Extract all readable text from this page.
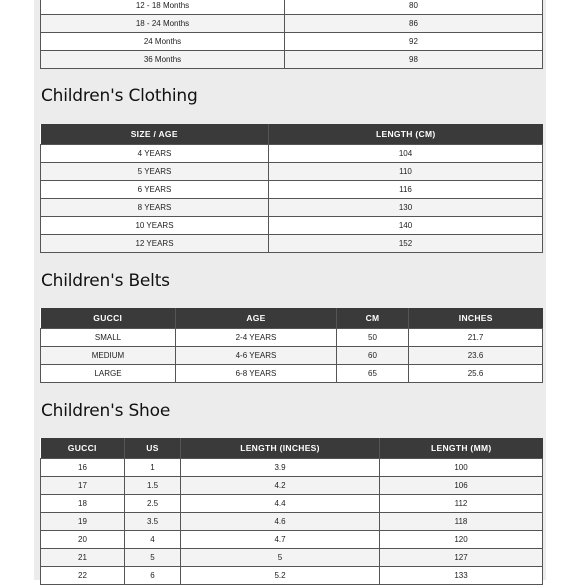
12 - 18 Months	80
18 - 24 Months	86
24 Months	92
36 Months	98
Children's Clothing
SIZE / AGE	LENGTH (CM)
4 YEARS	104
5 YEARS	110
6 YEARS	116
8 YEARS	130
10 YEARS	140
12 YEARS	152
Children's Belts
GUCCI	AGE	CM	INCHES
SMALL	2-4 YEARS	50	21.7
MEDIUM	4-6 YEARS	60	23.6
LARGE	6-8 YEARS	65	25.6
Children's Shoe
GUCCI	US	LENGTH (INCHES)	LENGTH (MM)
16	1	3.9	100
17	1.5	4.2	106
18	2.5	4.4	112
19	3.5	4.6	118
20	4	4.7	120
21	5	5	127
22	6	5.2	133
